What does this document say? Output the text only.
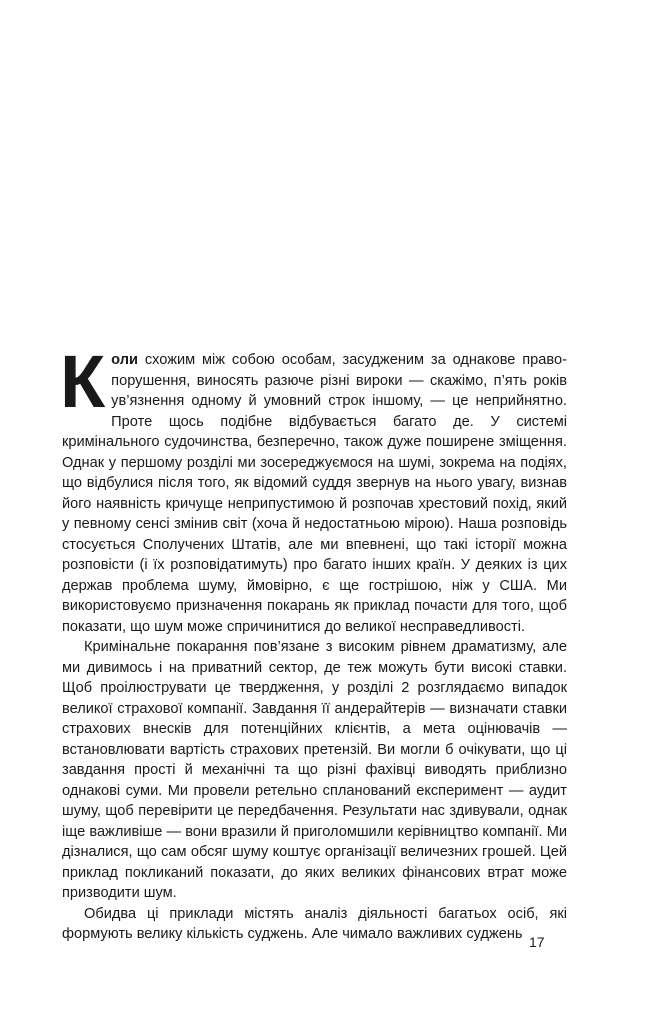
Коли схожим між собою особам, засудженим за однакове правопорушення, виносять разюче різні вироки — скажімо, п’ять років ув’язнення одному й умовний строк іншому, — це неприйнятно. Проте щось подібне відбувається багато де. У системі кримінального судочинства, безперечно, також дуже поширене зміщення. Однак у першому розділі ми зосереджуємося на шумі, зокрема на подіях, що відбулися після того, як відомий суддя звернув на нього увагу, визнав його наявність кричуще неприпустимою й розпочав хрестовий похід, який у певному сенсі змінив світ (хоча й недостатньою мірою). Наша розповідь стосується Сполучених Штатів, але ми впевнені, що такі історії можна розповісти (і їх розповідатимуть) про багато інших країн. У деяких із цих держав проблема шуму, ймовірно, є ще гострішою, ніж у США. Ми використовуємо призначення покарань як приклад почасти для того, щоб показати, що шум може спричинитися до великої несправедливості.

Кримінальне покарання пов’язане з високим рівнем драматизму, але ми дивимось і на приватний сектор, де теж можуть бути високі ставки. Щоб проілюструвати це твердження, у розділі 2 розглядаємо випадок великої страхової компанії. Завдання її андерайтерів — визначати ставки страхових внесків для потенційних клієнтів, а мета оцінювачів — встановлювати вартість страхових претензій. Ви могли б очікувати, що ці завдання прості й механічні та що різні фахівці виводять приблизно однакові суми. Ми провели ретельно спланований експеримент — аудит шуму, щоб перевірити це передбачення. Результати нас здивували, однак іще важливіше — вони вразили й приголомшили керівництво компанії. Ми дізналися, що сам обсяг шуму коштує організації величезних грошей. Цей приклад покликаний показати, до яких великих фінансових втрат може призводити шум.

Обидва ці приклади містять аналіз діяльності багатьох осіб, які формують велику кількість суджень. Але чимало важливих суджень 17
